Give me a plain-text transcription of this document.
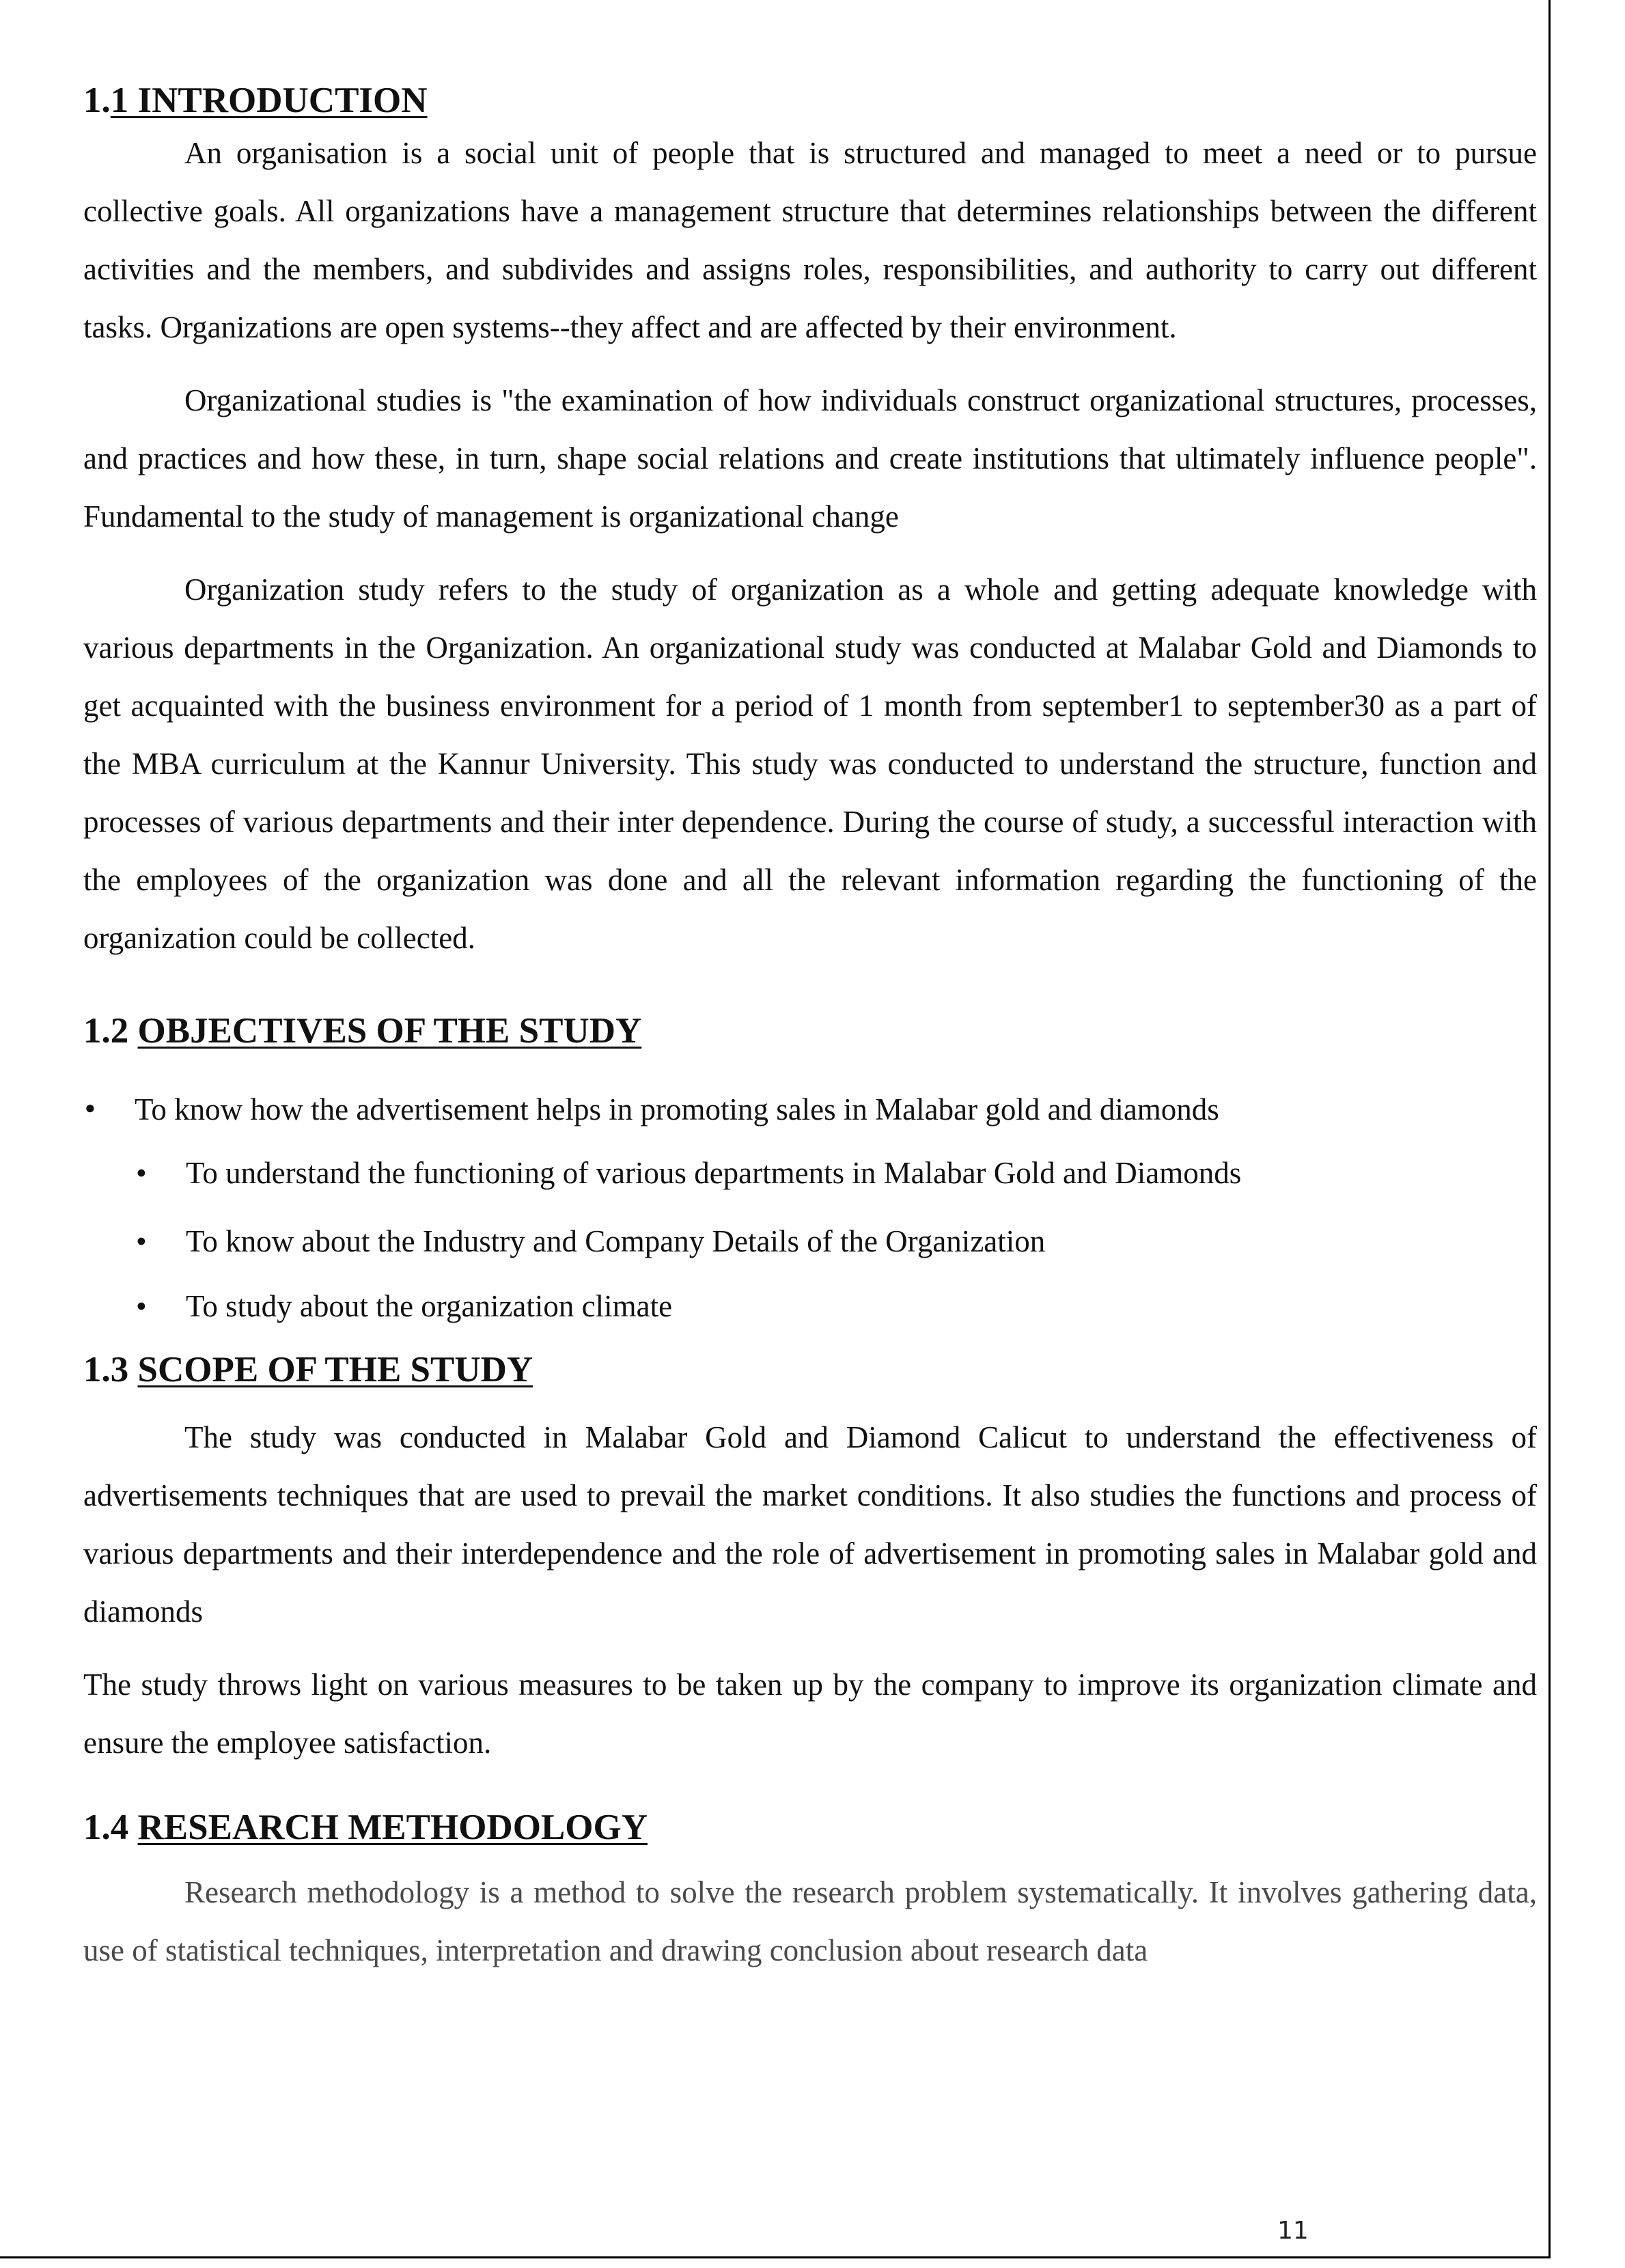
1.1 INTRODUCTION

An organisation is a social unit of people that is structured and managed to meet a need or to pursue collective goals. All organizations have a management structure that determines relationships between the different activities and the members, and subdivides and assigns roles, responsibilities, and authority to carry out different tasks. Organizations are open systems--they affect and are affected by their environment.

Organizational studies is "the examination of how individuals construct organizational structures, processes, and practices and how these, in turn, shape social relations and create institutions that ultimately influence people". Fundamental to the study of management is organizational change

Organization study refers to the study of organization as a whole and getting adequate knowledge with various departments in the Organization. An organizational study was conducted at Malabar Gold and Diamonds to get acquainted with the business environment for a period of 1 month from september1 to september30 as a part of the MBA curriculum at the Kannur University. This study was conducted to understand the structure, function and processes of various departments and their inter dependence. During the course of study, a successful interaction with the employees of the organization was done and all the relevant information regarding the functioning of the organization could be collected.

1.2 OBJECTIVES OF THE STUDY
● To know how the advertisement helps in promoting sales in Malabar gold and diamonds
• To understand the functioning of various departments in Malabar Gold and Diamonds
• To know about the Industry and Company Details of the Organization
• To study about the organization climate
1.3 SCOPE OF THE STUDY

The study was conducted in Malabar Gold and Diamond Calicut to understand the effectiveness of advertisements techniques that are used to prevail the market conditions. It also studies the functions and process of various departments and their interdependence and the role of advertisement in promoting sales in Malabar gold and diamonds

The study throws light on various measures to be taken up by the company to improve its organization climate and ensure the employee satisfaction.

1.4 RESEARCH METHODOLOGY

Research methodology is a method to solve the research problem systematically. It involves gathering data, use of statistical techniques, interpretation and drawing conclusion about research data

11
